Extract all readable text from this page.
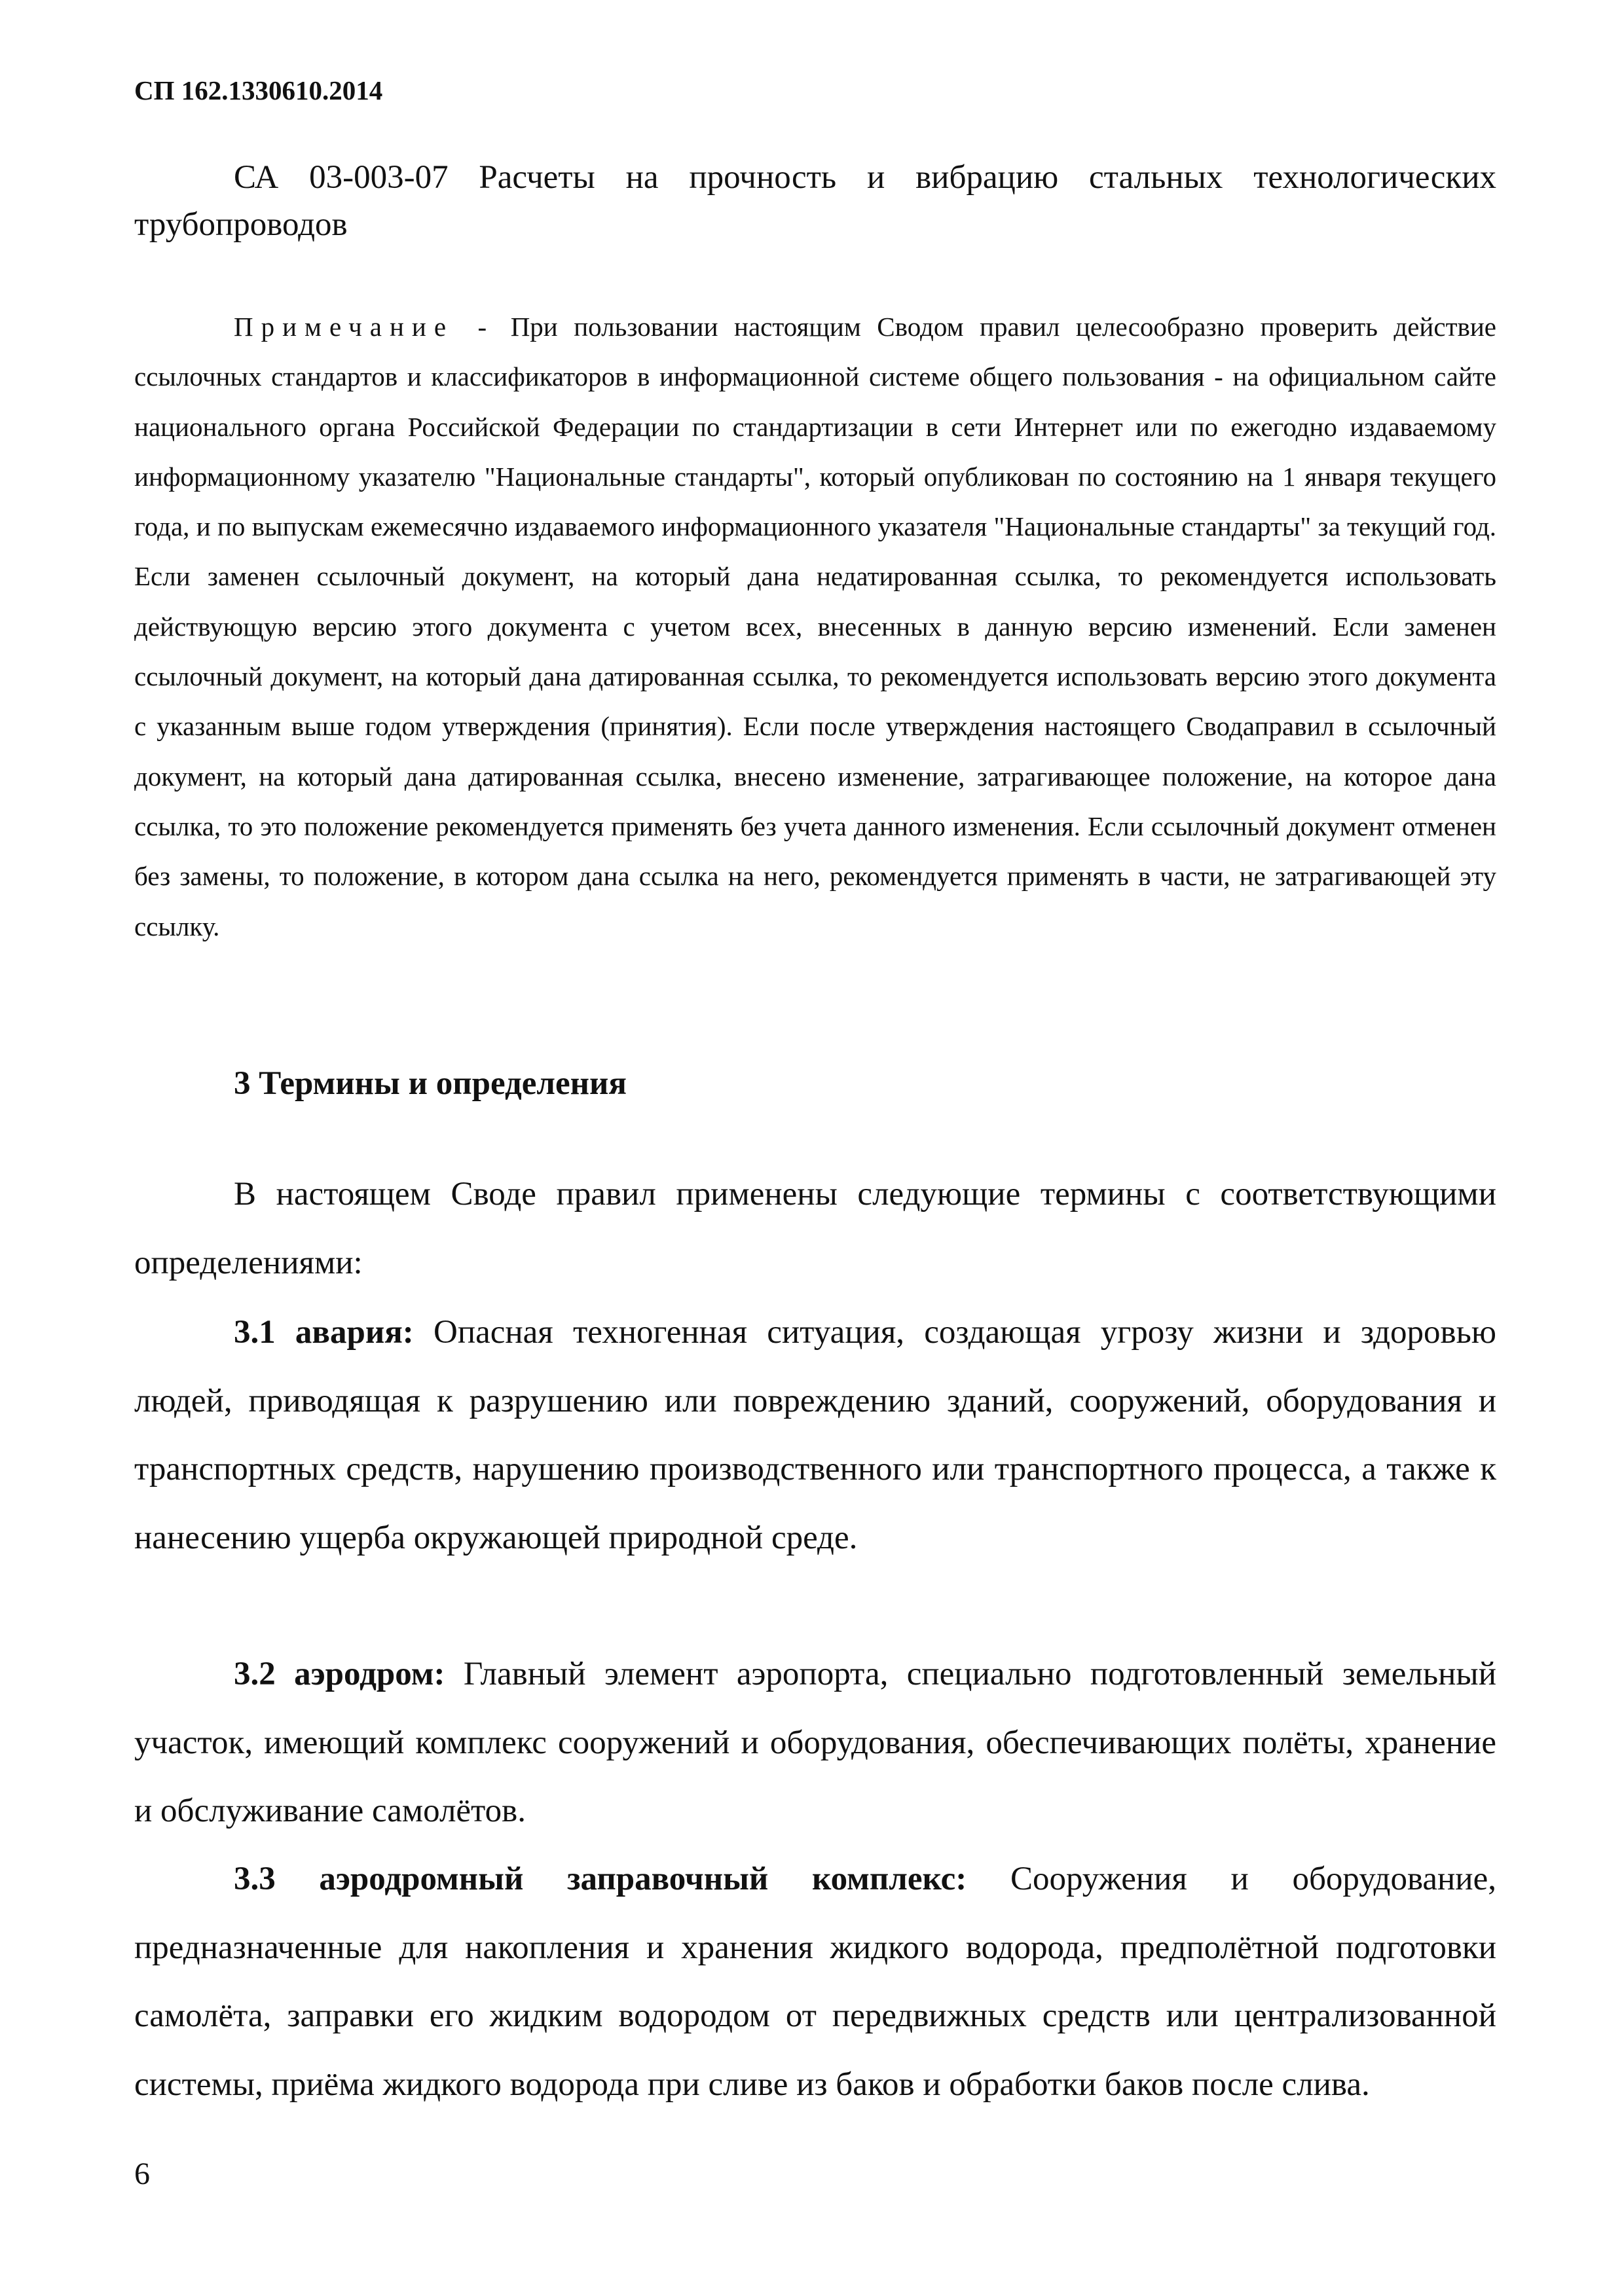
СП 162.1330610.2014
СА 03-003-07 Расчеты на прочность и вибрацию стальных технологических трубопроводов
Примечание - При пользовании настоящим Сводом правил целесообразно проверить действие ссылочных стандартов и классификаторов в информационной системе общего пользования - на официальном сайте национального органа Российской Федерации по стандартизации в сети Интернет или по ежегодно издаваемому информационному указателю "Национальные стандарты", который опубликован по состоянию на 1 января текущего года, и по выпускам ежемесячно издаваемого информационного указателя "Национальные стандарты" за текущий год. Если заменен ссылочный документ, на который дана недатированная ссылка, то рекомендуется использовать действующую версию этого документа с учетом всех, внесенных в данную версию изменений. Если заменен ссылочный документ, на который дана датированная ссылка, то рекомендуется использовать версию этого документа с указанным выше годом утверждения (принятия). Если после утверждения настоящего Сводаправил в ссылочный документ, на который дана датированная ссылка, внесено изменение, затрагивающее положение, на которое дана ссылка, то это положение рекомендуется применять без учета данного изменения. Если ссылочный документ отменен без замены, то положение, в котором дана ссылка на него, рекомендуется применять в части, не затрагивающей эту ссылку.
3 Термины и определения
В настоящем Своде правил применены следующие термины с соответствующими определениями:
3.1 авария: Опасная техногенная ситуация, создающая угрозу жизни и здоровью людей, приводящая к разрушению или повреждению зданий, сооружений, оборудования и транспортных средств, нарушению производственного или транспортного процесса, а также к нанесению ущерба окружающей природной среде.
3.2 аэродром: Главный элемент аэропорта, специально подготовленный земельный участок, имеющий комплекс сооружений и оборудования, обеспечивающих полёты, хранение и обслуживание самолётов.
3.3 аэродромный заправочный комплекс: Сооружения и оборудование, предназначенные для накопления и хранения жидкого водорода, предполётной подготовки самолёта, заправки его жидким водородом от передвижных средств или централизованной системы, приёма жидкого водорода при сливе из баков и обработки баков после слива.
6
